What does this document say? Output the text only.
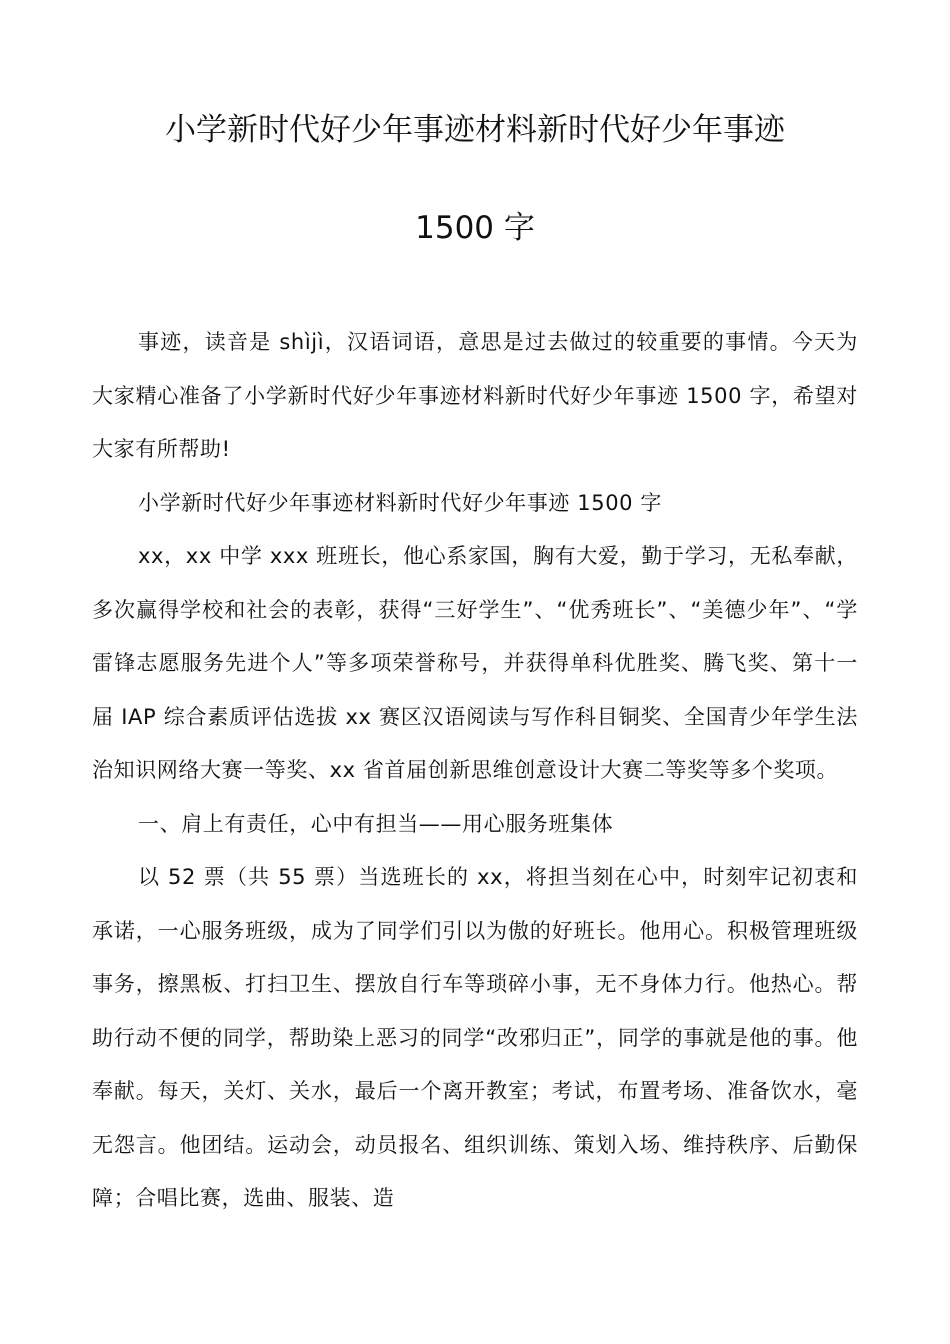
小学新时代好少年事迹材料新时代好少年事迹
1500 字

事迹，读音是 shìjì，汉语词语，意思是过去做过的较重要的事情。今天为大家精心准备了小学新时代好少年事迹材料新时代好少年事迹 1500 字，希望对大家有所帮助!

小学新时代好少年事迹材料新时代好少年事迹 1500 字

xx，xx 中学 xxx 班班长，他心系家国，胸有大爱，勤于学习，无私奉献，多次赢得学校和社会的表彰，获得“三好学生”、“优秀班长”、“美德少年”、“学雷锋志愿服务先进个人”等多项荣誉称号，并获得单科优胜奖、腾飞奖、第十一届 IAP 综合素质评估选拔 xx 赛区汉语阅读与写作科目铜奖、全国青少年学生法治知识网络大赛一等奖、xx 省首届创新思维创意设计大赛二等奖等多个奖项。

一、肩上有责任，心中有担当——用心服务班集体

以 52 票（共 55 票）当选班长的 xx，将担当刻在心中，时刻牢记初衷和承诺，一心服务班级，成为了同学们引以为傲的好班长。他用心。积极管理班级事务，擦黑板、打扫卫生、摆放自行车等琐碎小事，无不身体力行。他热心。帮助行动不便的同学，帮助染上恶习的同学“改邪归正”，同学的事就是他的事。他奉献。每天，关灯、关水，最后一个离开教室；考试，布置考场、准备饮水，毫无怨言。他团结。运动会，动员报名、组织训练、策划入场、维持秩序、后勤保障；合唱比赛，选曲、服装、造
